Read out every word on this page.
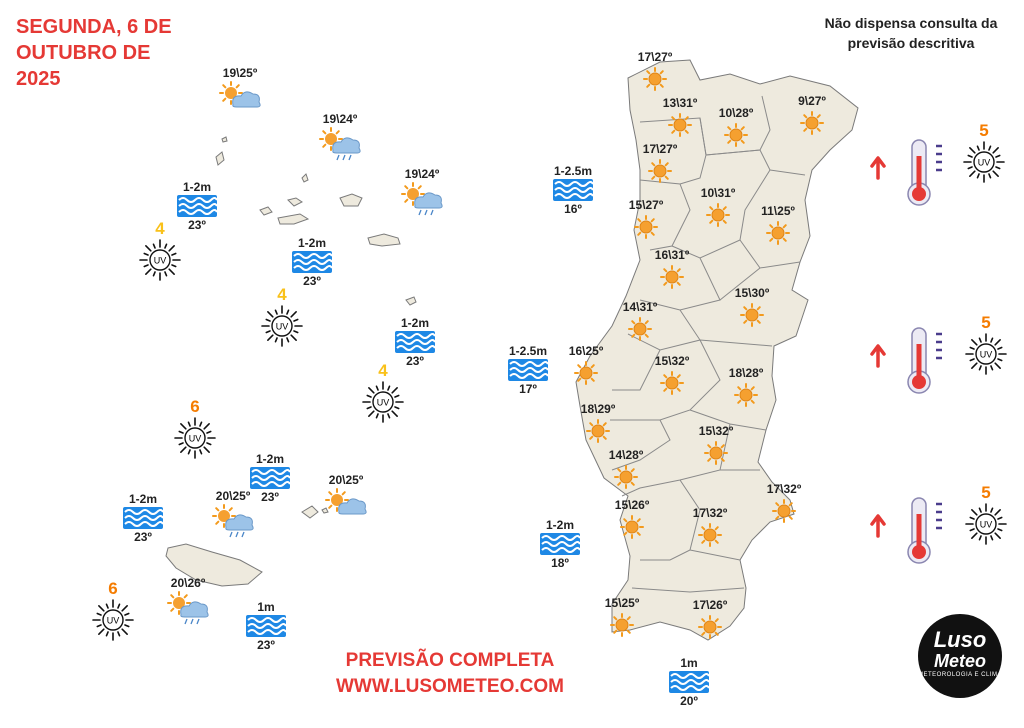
SEGUNDA, 6 DE
OUTUBRO DE
2025
Não dispensa consulta da previsão descritiva
PREVISÃO COMPLETA
WWW.LUSOMETEO.COM
Luso
Meteo
METEOROLOGIA E CLIMA
17\27º
13\31º
10\28º
9\27º
17\27º
10\31º
11\25º
15\27º
16\31º
15\30º
14\31º
15\32º
18\28º
16\25º
18\29º
15\32º
14\28º
15\26º
17\32º
17\32º
15\25º	17\26º
19\25º
19\24º
19\24º
20\25º
20\25º
20\26º
1-2m
23º
1-2m
23º
1-2m
23º
1-2m
23º
1-2m
23º
1m
23º
1-2.5m
16º
1-2.5m
17º
1-2m
18º
1m
20º
4
UV
4
UV
4
UV
6
UV
6
UV
5
UV
5
UV
5
UV
